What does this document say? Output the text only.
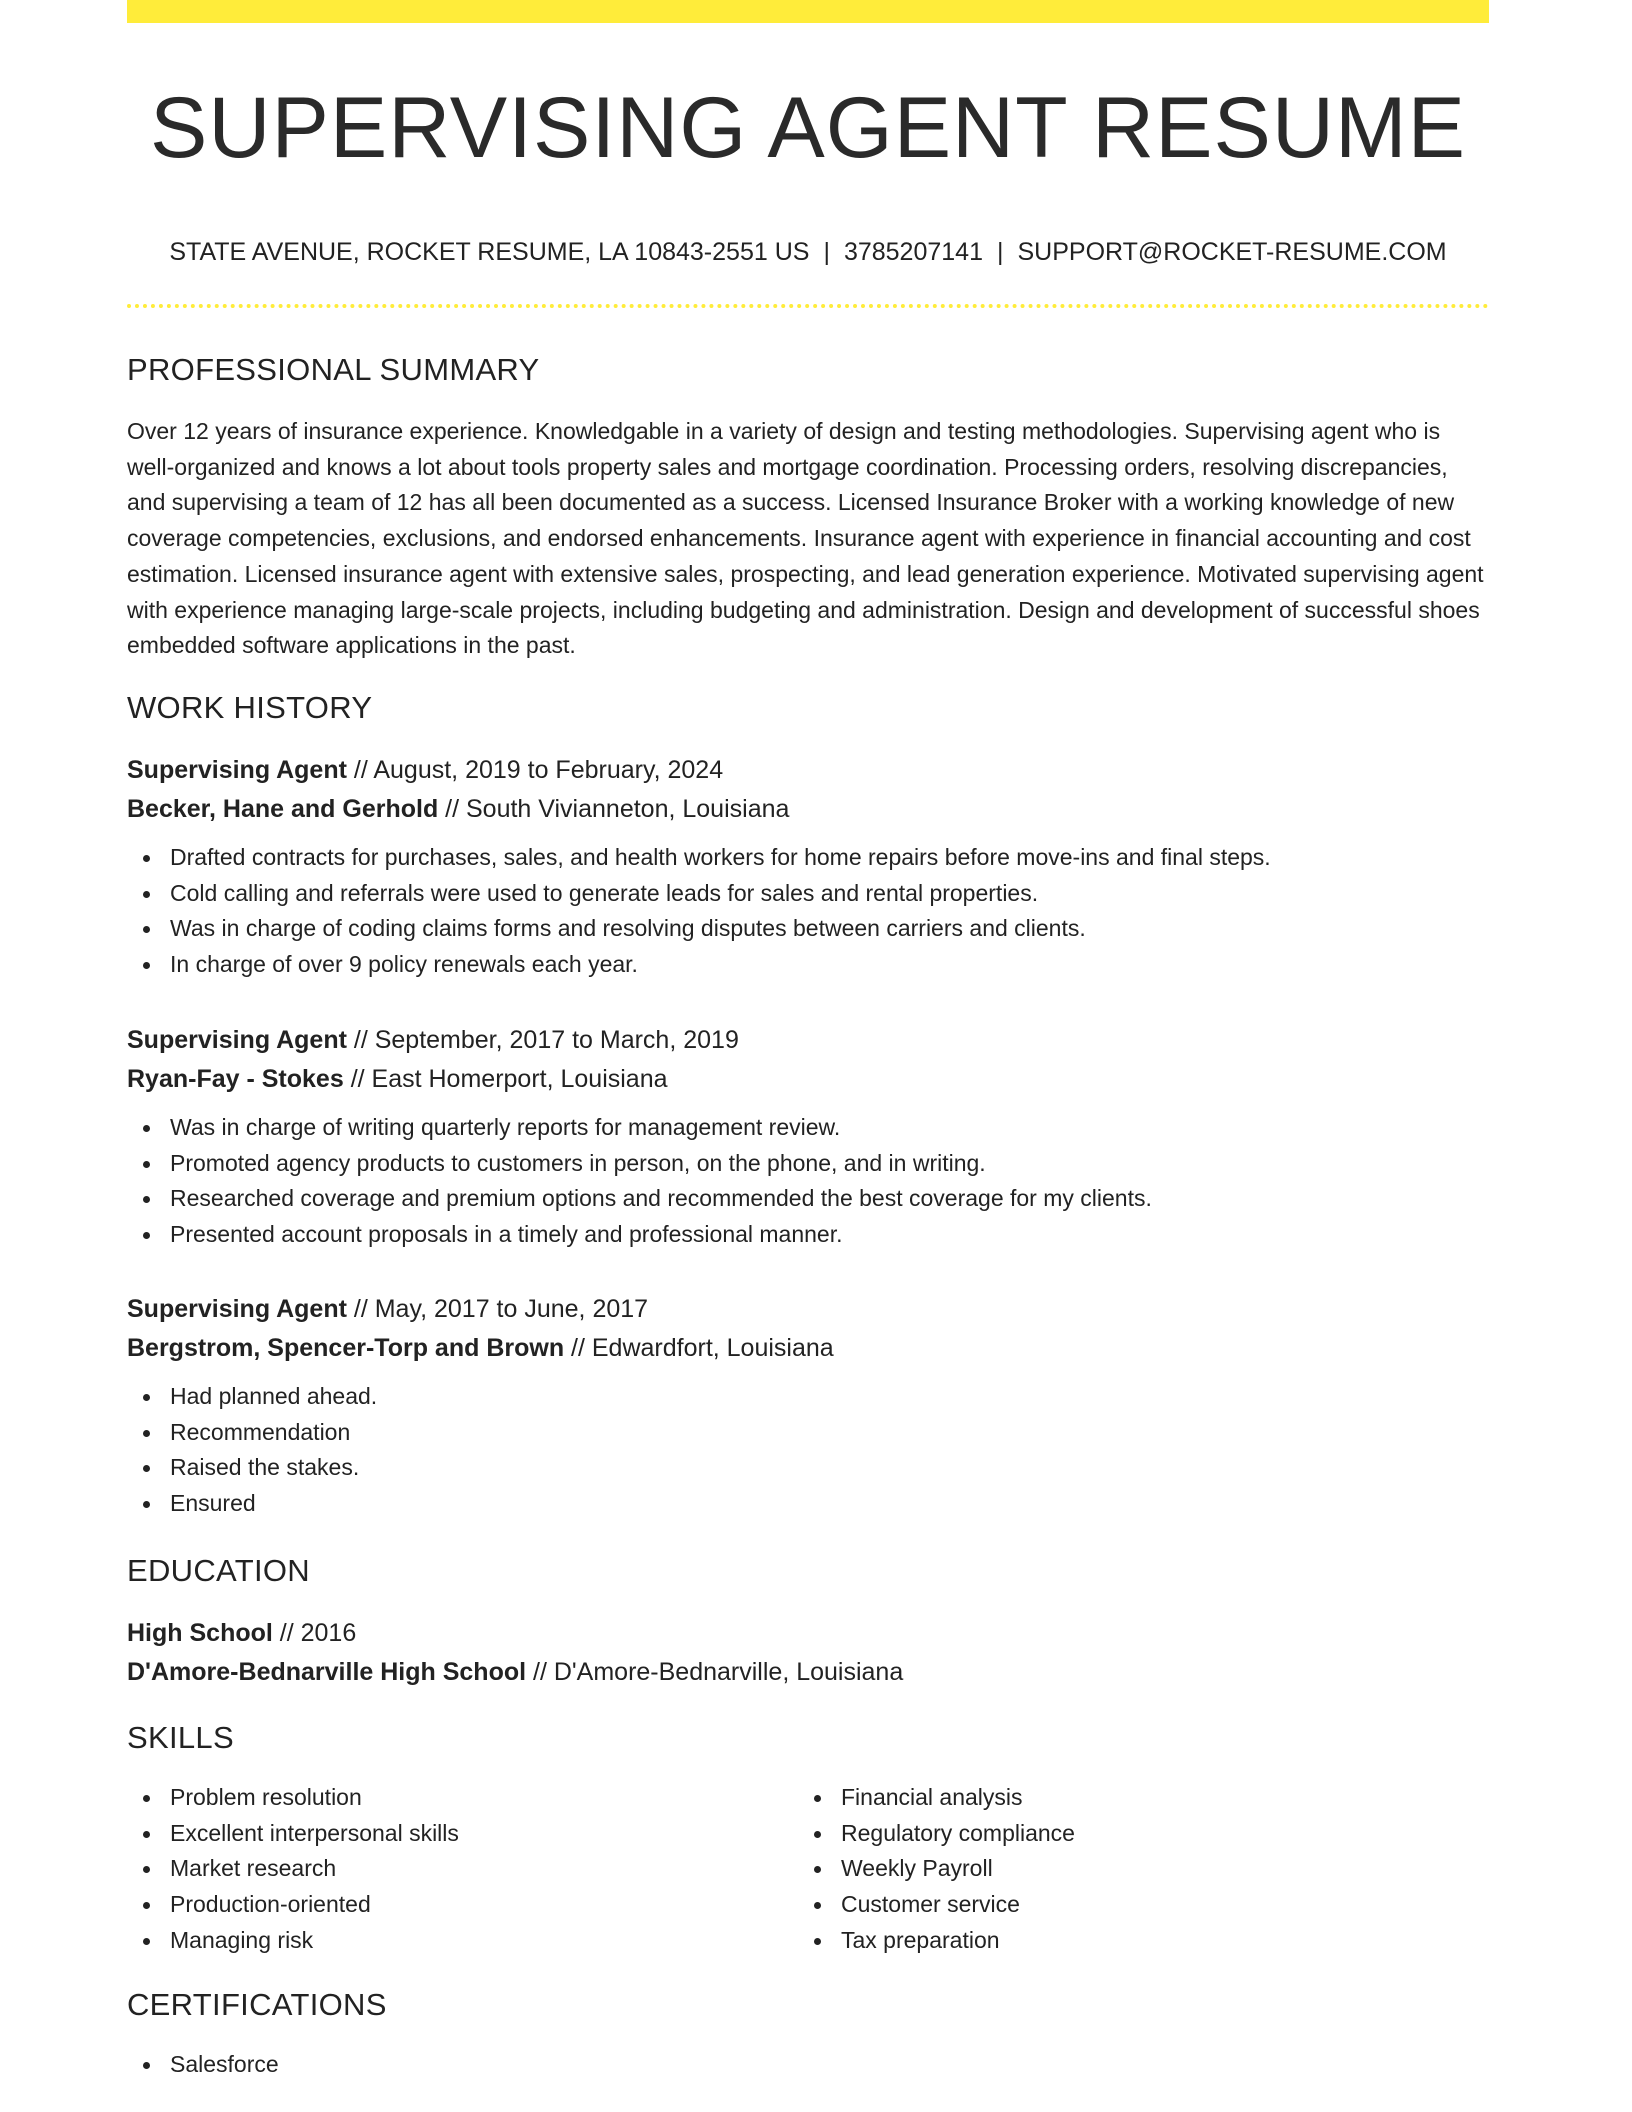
SUPERVISING AGENT RESUME
STATE AVENUE, ROCKET RESUME, LA 10843-2551 US | 3785207141 | SUPPORT@ROCKET-RESUME.COM
PROFESSIONAL SUMMARY

Over 12 years of insurance experience. Knowledgable in a variety of design and testing methodologies. Supervising agent who is well-organized and knows a lot about tools property sales and mortgage coordination. Processing orders, resolving discrepancies, and supervising a team of 12 has all been documented as a success. Licensed Insurance Broker with a working knowledge of new coverage competencies, exclusions, and endorsed enhancements. Insurance agent with experience in financial accounting and cost estimation. Licensed insurance agent with extensive sales, prospecting, and lead generation experience. Motivated supervising agent with experience managing large-scale projects, including budgeting and administration. Design and development of successful shoes embedded software applications in the past.

WORK HISTORY
Supervising Agent // August, 2019 to February, 2024
Becker, Hane and Gerhold // South Vivianneton, Louisiana
Drafted contracts for purchases, sales, and health workers for home repairs before move-ins and final steps.
Cold calling and referrals were used to generate leads for sales and rental properties.
Was in charge of coding claims forms and resolving disputes between carriers and clients.
In charge of over 9 policy renewals each year.
Supervising Agent // September, 2017 to March, 2019
Ryan-Fay - Stokes // East Homerport, Louisiana
Was in charge of writing quarterly reports for management review.
Promoted agency products to customers in person, on the phone, and in writing.
Researched coverage and premium options and recommended the best coverage for my clients.
Presented account proposals in a timely and professional manner.
Supervising Agent // May, 2017 to June, 2017
Bergstrom, Spencer-Torp and Brown // Edwardfort, Louisiana
Had planned ahead.
Recommendation
Raised the stakes.
Ensured
EDUCATION
High School // 2016
D'Amore-Bednarville High School // D'Amore-Bednarville, Louisiana
SKILLS
Problem resolution
Excellent interpersonal skills
Market research
Production-oriented
Managing risk
Financial analysis
Regulatory compliance
Weekly Payroll
Customer service
Tax preparation
CERTIFICATIONS
Salesforce
